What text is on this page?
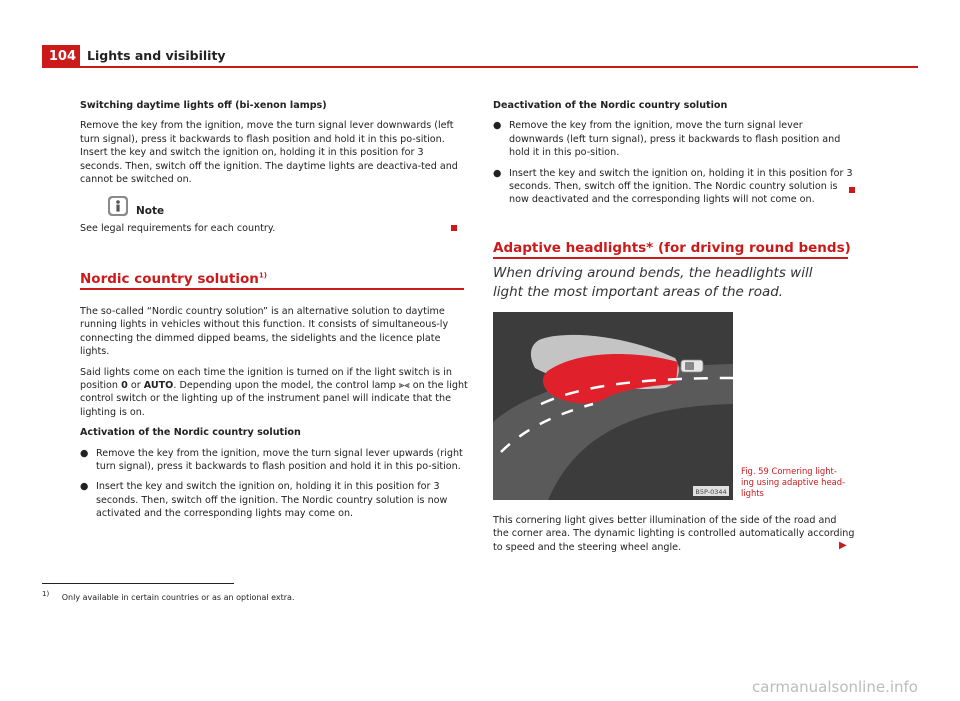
104 Lights and visibility

Switching daytime lights off (bi-xenon lamps)

Remove the key from the ignition, move the turn signal lever downwards (left turn signal), press it backwards to flash position and hold it in this po-sition. Insert the key and switch the ignition on, holding it in this position for 3 seconds. Then, switch off the ignition. The daytime lights are deactiva-ted and cannot be switched on.

Note
See legal requirements for each country.
Nordic country solution$^{1)}$

The so-called “Nordic country solution” is an alternative solution to daytime running lights in vehicles without this function. It consists of simultaneous-ly connecting the dimmed dipped beams, the sidelights and the licence plate lights.

Said lights come on each time the ignition is turned on if the light switch is in position 0 or AUTO. Depending upon the model, the control lamp ⫸⫷ on the light control switch or the lighting up of the instrument panel will indicate that the lighting is on.

Activation of the Nordic country solution

● Remove the key from the ignition, move the turn signal lever upwards (right turn signal), press it backwards to flash position and hold it in this po-sition.

● Insert the key and switch the ignition on, holding it in this position for 3 seconds. Then, switch off the ignition. The Nordic country solution is now activated and the corresponding lights may come on.

Deactivation of the Nordic country solution

● Remove the key from the ignition, move the turn signal lever downwards (left turn signal), press it backwards to flash position and hold it in this po-sition.

● Insert the key and switch the ignition on, holding it in this position for 3 seconds. Then, switch off the ignition. The Nordic country solution is now deactivated and the corresponding lights will not come on.

Adaptive headlights* (for driving round bends)
When driving around bends, the headlights will light the most important areas of the road.
B5P-0344
Fig. 59 Cornering light-ing using adaptive head-lights
This cornering light gives better illumination of the side of the road and the corner area. The dynamic lighting is controlled automatically according to speed and the steering wheel angle.	▶
$^{1)}$ Only available in certain countries or as an optional extra.
carmanualsonline.info
